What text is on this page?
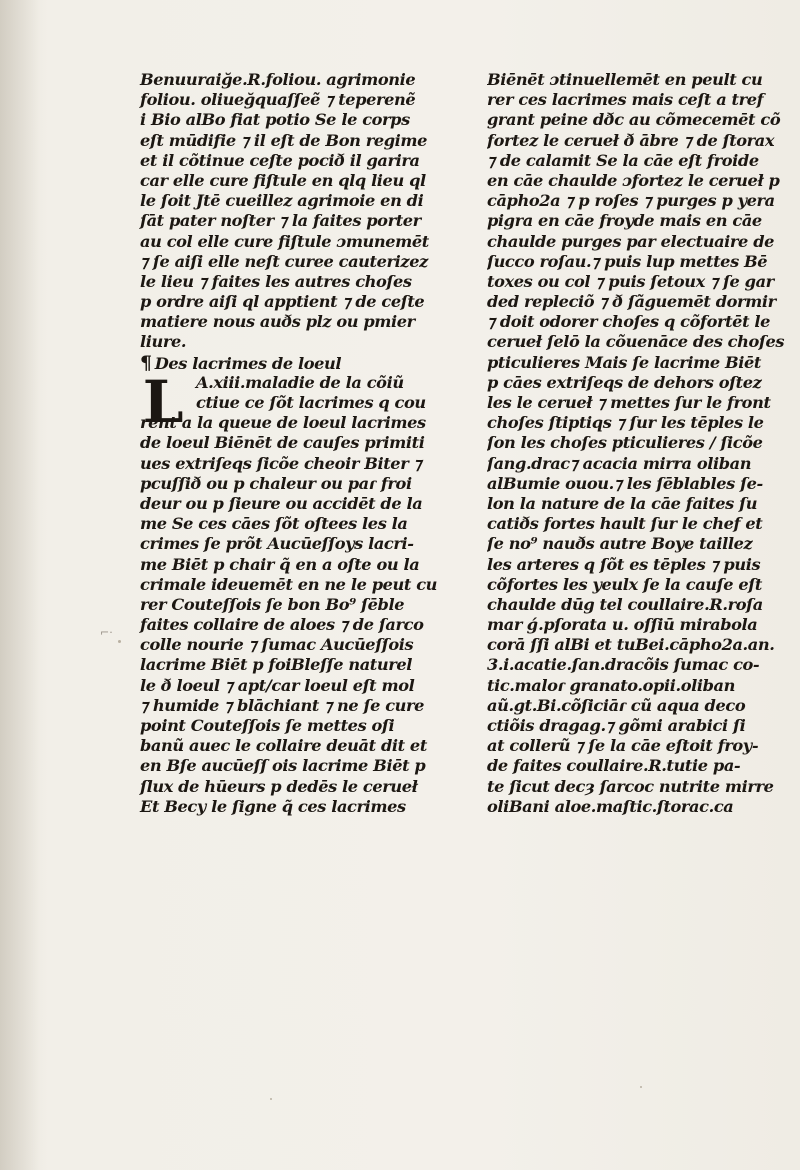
⌐·
Benuuraiğe.R.foliou. agrimonie
foliou. oliueğquaſſeẽ ⁊ teperenẽ
i Bio alBo fiat potio Se le corps
eſt mūdifie ⁊ il eſt de Bon regime
et il cõtinue ceſte pocið il garira
car elle cure fiſtule en qlq lieu ql
le ſoit Jtē cueillez agrimoie en di
ſāt pater noſter ⁊ la faites porter
au col elle cure fiſtule ɔmunemēt
⁊ ſe aiſi elle neſt curee cauterizez
le lieu ⁊ faites les autres choſes
p ordre aiſi ql apptient ⁊ de ceſte
matiere nous auðs plz ou pmier
liure.
¶ Des lacrimes de loeul
L A.xiii.maladie de la cõiũ
ctiue ce ſõt lacrimes q cou
rent a la queue de loeul lacrimes
de loeul Biēnēt de cauſes primiti
ues extriſeqs ſicõe cheoir Biter ⁊
pcuſſið ou p chaleur ou paɾ froi
deur ou p ſieure ou accidēt de la
me Se ces cāes ſõt oſtees les la
crimes ſe prõt Aucūeſſoys lacri-
me Biēt p chair q̃ en a oſte ou la
crimale ideuemēt en ne le peut cu
rer Couteſſois ſe bon Bo⁹ ſēble
faites collaire de aloes ⁊ de ſarco
colle nourie ⁊ ſumac Aucūeſſois
lacrime Biēt p foiBleſſe naturel
le ð loeul ⁊ apt/car loeul eſt mol
⁊ humide ⁊ blāchiant ⁊ ne ſe cure
point Couteſſois ſe mettes oſi
banũ auec le collaire deuāt dit et
en Bſe aucūeſſ ois lacrime Biēt p
ſlux de hūeurs p dedēs le cerueł
Et Becy le ſigne q̃ ces lacrimes
Biēnēt ɔtinuellemēt en peult cu
rer ces lacrimes mais ceſt a tref
grant peine dðc au cõmecemēt cõ
fortez le cerueł ð ābre ⁊ de ſtorax
⁊ de calamit Se la cāe eſt froide
en cāe chaulde ɔfortez le cerueł p
cāpho2a ⁊ p roſes ⁊ purges p yera
pigra en cāe froyde mais en cāe
chaulde purges par electuaire de
ſucco roſau.⁊ puis lup mettes Bē
toxes ou col ⁊ puis ſetoux ⁊ ſe gar
ded repleciõ ⁊ ð ſãguemēt dormir
⁊ doit odorer choſes q cõfortēt le
cerueł ſelō la cõuenāce des choſes
pticulieres Mais ſe lacrime Biēt
p cāes extriſeqs de dehors oſtez
les le cerueł ⁊ mettes ſur le front
choſes ſtiptiqs ⁊ ſur les tēples le
ſon les choſes pticulieres / ſicõe
ſang.drac⁊ acacia mirra oliban
alBumie ouou.⁊ les ſēblables ſe-
lon la nature de la cāe faites ſu
catiðs fortes hault ſur le chef et
ſe no⁹ nauðs autre Boye taillez
les arteres q ſõt es tēples ⁊ puis
cõfortes les yeulx ſe la cauſe eſt
chaulde dūg tel coullaire.R.roſa
mar ǵ.pſorata u. oſſiū mirabola
corā ſſi alBi et tuBei.cāpho2a.an.
3.i.acatie.ſan.dracõis ſumac co-
tic.maloɾ granato.opii.oliban
aũ.gt.Bi.cõſiciāɾ cũ aqua deco
ctiõis dragag.⁊ gõmi arabici ſi
at collerũ ⁊ ſe la cāe eſtoit froy-
de faites coullaire.R.tutie pa-
te ſicut decȝ ſarcoc nutrite mirre
oliBani aloe.maſtic.ſtorac.ca
